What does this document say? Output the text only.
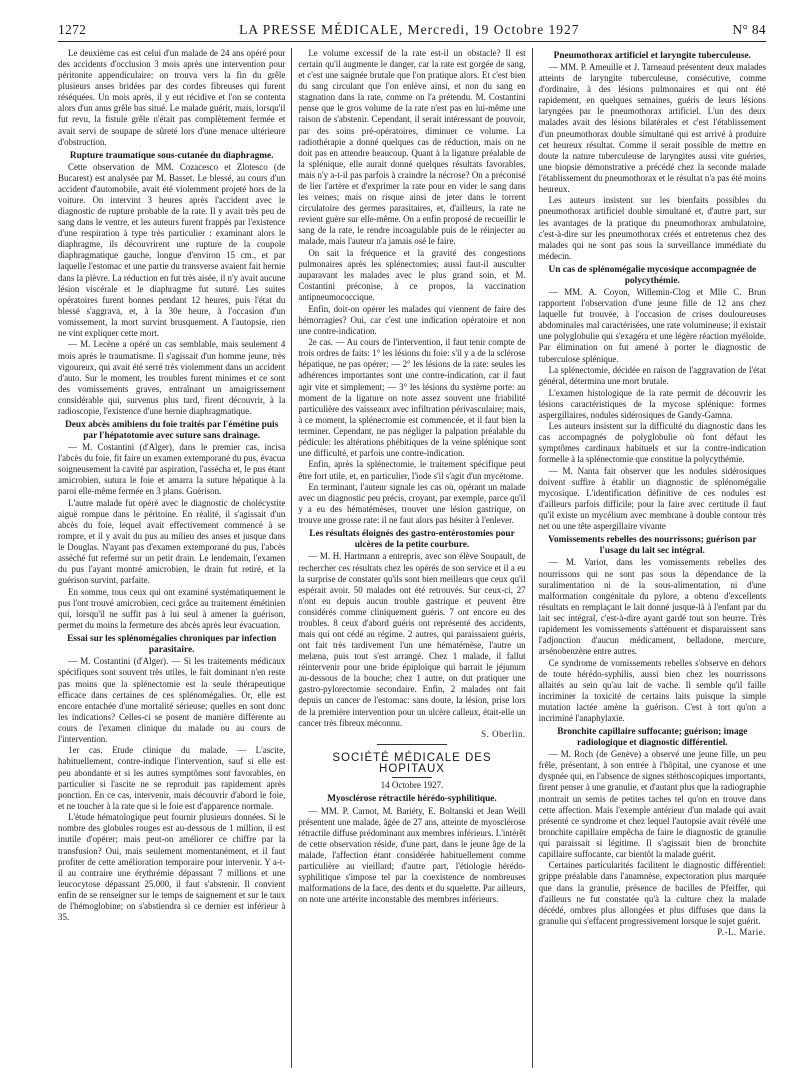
1272	LA PRESSE MÉDICALE, Mercredi, 19 Octobre 1927	N° 84

Le deuxième cas est celui d'un malade de 24 ans opéré pour des accidents d'occlusion 3 mois après une intervention pour péritonite appendiculaire: on trouva vers la fin du grêle plusieurs anses bridées par des cordes fibreuses qui furent réséquées. Un mois après, il y eut récidive et l'on se contenta alors d'un anus grêle bas situé. Le malade guérit, mais, lorsqu'il fut revu, la fistule grêle n'était pas complètement fermée et avait servi de soupape de sûreté lors d'une menace ultérieure d'obstruction.

Rupture traumatique sous-cutanée du diaphragme.

Cette observation de MM. Cozacesco et Zlotesco (de Bucarest) est analysée par M. Basset. Le blessé, au cours d'un accident d'automobile, avait été violemment projeté hors de la voiture. On intervint 3 heures après l'accident avec le diagnostic de rupture probable de la rate. Il y avait très peu de sang dans le ventre, et les auteurs furent frappés par l'existence d'une respiration à type très particulier : examinant alors le diaphragme, ils découvrirent une rupture de la coupole diaphragmatique gauche, longue d'environ 15 cm., et par laquelle l'estomac et une partie du transverse avaient fait hernie dans la plèvre. La réduction en fut très aisée, il n'y avait aucune lésion viscérale et le diaphragme fut suturé. Les suites opératoires furent bonnes pendant 12 heures, puis l'état du blessé s'aggrava, et, à la 30e heure, à l'occasion d'un vomissement, la mort survint brusquement. A l'autopsie, rien ne vint expliquer cette mort.

— M. Lecène a opéré un cas semblable, mais seulement 4 mois après le traumatisme. Il s'agissait d'un homme jeune, très vigoureux, qui avait été serré très violemment dans un accident d'auto. Sur le moment, les troubles furent minimes et ce sont des vomissements graves, entraînant un amaigrissement considérable qui, survenus plus tard, firent découvrir, à la radioscopie, l'existence d'une hernie diaphragmatique.

Deux abcès amibiens du foie traités par l'émétine puis par l'hépatotomie avec suture sans drainage.

— M. Costantini (d'Alger), dans le premier cas, incisa l'abcès du foie, fit faire un examen extemporané du pus, évacua soigneusement la cavité par aspiration, l'assécha et, le pus étant amicrobien, sutura le foie et amarra la suture hépatique à la paroi elle-même fermée en 3 plans. Guérison.

L'autre malade fut opéré avec le diagnostic de cholécystite aiguë rompue dans le péritoine. En réalité, il s'agissait d'un abcès du foie, lequel avait effectivement commencé à se rompre, et il y avait du pus au milieu des anses et jusque dans le Douglas. N'ayant pas d'examen extemporané du pus, l'abcès asséché fut refermé sur un petit drain. Le lendemain, l'examen du pus l'ayant montré amicrobien, le drain fut retiré, et la guérison survint, parfaite.

En somme, tous ceux qui ont examiné systématiquement le pus l'ont trouvé amicrobien, ceci grâce au traitement émétinien qui, lorsqu'il ne suffit pas à lui seul à amener la guérison, permet du moins la fermeture des abcès après leur évacuation.

Essai sur les splénomégalies chroniques par infection parasitaire.

— M. Costantini (d'Alger). — Si les traitements médicaux spécifiques sont souvent très utiles, le fait dominant n'en reste pas moins que la splénectomie est la seule thérapeutique efficace dans certaines de ces splénomégalies. Or, elle est encore entachée d'une mortalité sérieuse; quelles en sont donc les indications? Celles-ci se posent de manière différente au cours de l'examen clinique du malade ou au cours de l'intervention.

1er cas. Etude clinique du malade. — L'ascite, habituellement, contre-indique l'intervention, sauf si elle est peu abondante et si les autres symptômes sont favorables, en particulier si l'ascite ne se reproduit pas rapidement après ponction. En ce cas, intervenir, mais découvrir d'abord le foie, et ne toucher à la rate que si le foie est d'apparence normale.

L'étude hématologique peut fournir plusieurs données. Si le nombre des globules rouges est au-dessous de 1 million, il est inutile d'opérer; mais peut-on améliorer ce chiffre par la transfusion? Oui, mais seulement momentanément, et il faut profiter de cette amélioration temporaire pour intervenir. Y a-t-il au contraire une érythrémie dépassant 7 millions et une leucocytose dépassant 25.000, il faut s'abstenir. Il convient enfin de se renseigner sur le temps de saignement et sur le taux de l'hémoglobine; on s'abstiendra si ce dernier est inférieur à 35.

Le volume excessif de la rate est-il un obstacle? Il est certain qu'il augmente le danger, car la rate est gorgée de sang, et c'est une saignée brutale que l'on pratique alors. Et c'est bien du sang circulant que l'on enlève ainsi, et non du sang en stagnation dans la rate, comme on l'a prétendu. M. Costantini pense que le gros volume de la rate n'est pas en lui-même une raison de s'abstenir. Cependant, il serait intéressant de pouvoir, par des soins pré-opératoires, diminuer ce volume. La radiothérapie a donné quelques cas de réduction, mais on ne doit pas en attendre beaucoup. Quant à la ligature préalable de la splénique, elle aurait donné quelques résultats favorables, mais n'y a-t-il pas parfois à craindre la nécrose? On a préconisé de lier l'artère et d'exprimer la rate pour en vider le sang dans les veines; mais on risque ainsi de jeter dans le torrent circulatoire des germes parasitaires, et, d'ailleurs, la rate ne revient guère sur elle-même. On a enfin proposé de recueillir le sang de la rate, le rendre incoagulable puis de le réinjecter au malade, mais l'auteur n'a jamais osé le faire.

On sait la fréquence et la gravité des congestions pulmonaires après les splénectomies; aussi faut-il ausculter auparavant les malades avec le plus grand soin, et M. Costantini préconise, à ce propos, la vaccination antipneumococcique.

Enfin, doit-on opérer les malades qui viennent de faire des hémorragies? Oui, car c'est une indication opératoire et non une contre-indication.

2e cas. — Au cours de l'intervention, il faut tenir compte de trois ordres de faits: 1° les lésions du foie: s'il y a de la sclérose hépatique, ne pas opérer; — 2° les lésions de la rate: seules les adhérences importantes sont une contre-indication, car il faut agir vite et simplement; — 3° les lésions du système porte: au moment de la ligature on note assez souvent une friabilité particulière des vaisseaux avec infiltration périvasculaire; mais, à ce moment, la splénectomie est commencée, et il faut bien la terminer. Cependant, ne pas négliger la palpation préalable du pédicule: les altérations phébitiques de la veine splénique sont une difficulté, et parfois une contre-indication.

Enfin, après la splénectomie, le traitement spécifique peut être fort utile, et, en particulier, l'iode s'il s'agit d'un mycétome.

En terminant, l'auteur signale les cas où, opérant un malade avec un diagnostic peu précis, croyant, par exemple, parce qu'il y a eu des hématémèses, trouver une lésion gastrique, on trouve une grosse rate: il ne faut alors pas hésiter à l'enlever.

Les résultats éloignés des gastro-entérostomies pour ulcères de la petite courbure.

— M. H. Hartmann a entrepris, avec son élève Soupault, de rechercher ces résultats chez les opérés de son service et il a eu la surprise de constater qu'ils sont bien meilleurs que ceux qu'il espérait avoir. 50 malades ont été retrouvés. Sur ceux-ci, 27 n'ont eu depuis aucun trouble gastrique et peuvent être considérés comme cliniquement guéris. 7 ont encore eu des troubles. 8 ceux d'abord guéris ont représenté des accidents, mais qui ont cédé au régime. 2 autres, qui paraissaient guéris, ont fait très tardivement l'un une hématémèse, l'autre un melæna, puis tout s'est arrangé. Chez 1 malade, il fallut réintervenir pour une bride épiploïque qui barrait le jéjunum au-dessous de la bouche; chez 1 autre, on dut pratiquer une gastro-pylorectomie secondaire. Enfin, 2 malades ont fait depuis un cancer de l'estomac: sans doute, la lésion, prise lors de la première intervention pour un ulcère calleux, était-elle un cancer très fibreux méconnu.

S. Oberlin.

SOCIÉTÉ MÉDICALE DES HOPITAUX
14 Octobre 1927.
Myosclérose rétractile hérédo-syphilitique.

— MM. P. Carnot, M. Bariéty, E. Boltanski et Jean Weill présentent une malade, âgée de 27 ans, atteinte de myosclérose rétractile diffuse prédominant aux membres inférieurs. L'intérêt de cette observation réside, d'une part, dans le jeune âge de la malade, l'affection étant considérée habituellement comme particulière au vieillard; d'autre part, l'étiologie hérédo-syphilitique s'impose tel par la coexistence de nombreuses malformations de la face, des dents et du squelette. Par ailleurs, on note une artérite inconstable des membres inférieurs.

Pneumothorax artificiel et laryngite tuberculeuse.

— MM. P. Ameuille et J. Tarneaud présentent deux malades atteints de laryngite tuberculeuse, consécutive, comme d'ordinaire, à des lésions pulmonaires et qui ont été rapidement, en quelques semaines, guéris de leurs lésions laryngées par le pneumothorax artificiel. L'un des deux malades avait des lésions bilatérales et c'est l'établissement d'un pneumothorax double simultané qui est arrivé à produire cet heureux résultat. Comme il serait possible de mettre en doute la nature tuberculeuse de laryngites aussi vite guéries, une biopsie démonstrative a précédé chez la seconde malade l'établissement du pneumothorax et le résultat n'a pas été moins heureux.

Les auteurs insistent sur les bienfaits possibles du pneumothorax artificiel double simultané et, d'autre part, sur les avantages de la pratique du pneumothorax ambulatoire, c'est-à-dire sur les pneumothorax créés et entretenus chez des malades qui ne sont pas sous la surveillance immédiate du médecin.

Un cas de splénomégalie mycosique accompagnée de polycythémie.

— MM. A. Coyon, Willemin-Clog et Mlle C. Brun rapportent l'observation d'une jeune fille de 12 ans chez laquelle fut trouvée, à l'occasion de crises douloureuses abdominales mal caractérisées, une rate volumineuse; il existait une polyglobulie qui s'exagéra et une légère réaction myéloïde. Par élimination on fut amené à porter le diagnostic de tuberculose splénique.

La splénectomie, décidée en raison de l'aggravation de l'état général, détermina une mort brutale.

L'examen histologique de la rate permit de découvrir les lésions caractéristiques de la mycose splénique: formes aspergillaires, nodules sidérosiques de Gandy-Gamna.

Les auteurs insistent sur la difficulté du diagnostic dans les cas accompagnés de polyglobulie où font défaut les symptômes cardinaux habituels et sur la contre-indication formelle à la splénectomie que constitue la polycythémie.

— M. Nanta fait observer que les nodules sidérosiques doivent suffire à établir un diagnostic de splénomégalie mycosique. L'identification définitive de ces nodules est d'ailleurs parfois difficile; pour la faire avec certitude il faut qu'il existe un mycélium avec membrane à double contour très net ou une tête aspergillaire vivante

Vomissements rebelles des nourrissons; guérison par l'usage du lait sec intégral.

— M. Variot, dans les vomissements rebelles des nourrissons qui ne sont pas sous la dépendance de la suralimentation ni de la sous-alimentation, ni d'une malformation congénitale du pylore, a obtenu d'excellents résultats en remplaçant le lait donné jusque-là à l'enfant par du lait sec intégral, c'est-à-dire ayant gardé tout son beurre. Très rapidement les vomissements s'atténuent et disparaissent sans l'adjonction d'aucun médicament, belladone, mercure, arsénobenzène entre autres.

Ce syndrome de vomissements rebelles s'observe en dehors de toute hérédo-syphilis, aussi bien chez les nourrissons allaités au sein qu'au lait de vache. Il semble qu'il faille incriminer la toxicité de certains laits puisque la simple mutation lactée amène la guérison. C'est à tort qu'on a incriminé l'anaphylaxie.

Bronchite capillaire suffocante; guérison; image radiologique et diagnostic différentiel.

— M. Roch (de Genève) a observé une jeune fille, un peu frêle, présentant, à son entrée à l'hôpital, une cyanose et une dyspnée qui, en l'absence de signes stéthoscopiques importants, firent penser à une granulie, et d'autant plus que la radiographie montrait un semis de petites taches tel qu'on en trouve dans cette affection. Mais l'exemple antérieur d'un malade qui avait présenté ce syndrome et chez lequel l'autopsie avait révélé une bronchite capillaire empêcha de faire le diagnostic de granulie qui paraissait si légitime. Il s'agissait bien de bronchite capillaire suffocante, car bientôt la malade guérit.

Certaines particularités facilitent le diagnostic différentiel: grippe préalable dans l'anamnèse, expectoration plus marquée que dans la granulie, présence de bacilles de Pfeiffer, qui d'ailleurs ne fut constatée qu'à la culture chez la malade décédé, ombres plus allongées et plus diffuses que dans la granulie qui s'effacent progressivement lorsque le sujet guérit.

P.-L. Marie.
